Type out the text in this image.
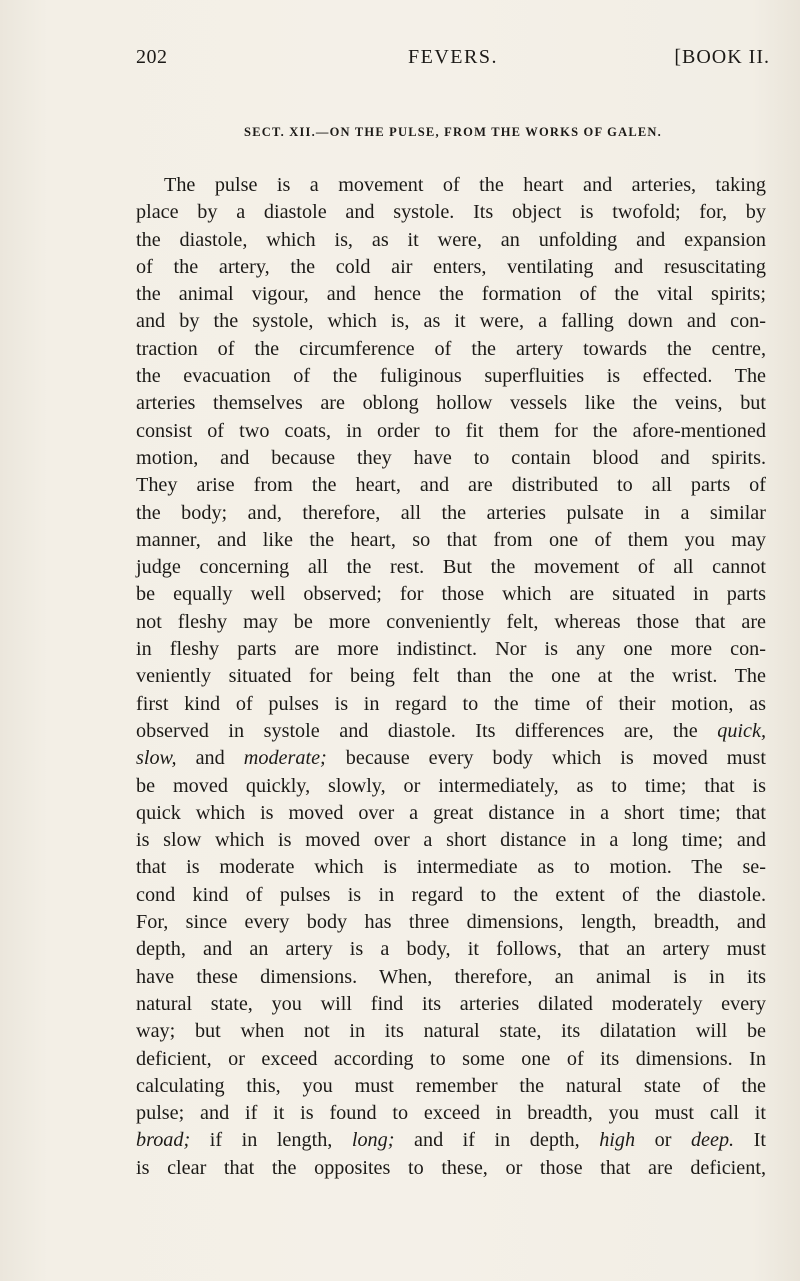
202	FEVERS.	[BOOK II.
SECT. XII.—ON THE PULSE, FROM THE WORKS OF GALEN.
The pulse is a movement of the heart and arteries, taking
place by a diastole and systole. Its object is twofold; for, by
the diastole, which is, as it were, an unfolding and expansion
of the artery, the cold air enters, ventilating and resuscitating
the animal vigour, and hence the formation of the vital spirits;
and by the systole, which is, as it were, a falling down and con-
traction of the circumference of the artery towards the centre,
the evacuation of the fuliginous superfluities is effected. The
arteries themselves are oblong hollow vessels like the veins, but
consist of two coats, in order to fit them for the afore-mentioned
motion, and because they have to contain blood and spirits.
They arise from the heart, and are distributed to all parts of
the body; and, therefore, all the arteries pulsate in a similar
manner, and like the heart, so that from one of them you may
judge concerning all the rest. But the movement of all cannot
be equally well observed; for those which are situated in parts
not fleshy may be more conveniently felt, whereas those that are
in fleshy parts are more indistinct. Nor is any one more con-
veniently situated for being felt than the one at the wrist. The
first kind of pulses is in regard to the time of their motion, as
observed in systole and diastole. Its differences are, the quick,
slow, and moderate; because every body which is moved must
be moved quickly, slowly, or intermediately, as to time; that is
quick which is moved over a great distance in a short time; that
is slow which is moved over a short distance in a long time; and
that is moderate which is intermediate as to motion. The se-
cond kind of pulses is in regard to the extent of the diastole.
For, since every body has three dimensions, length, breadth, and
depth, and an artery is a body, it follows, that an artery must
have these dimensions. When, therefore, an animal is in its
natural state, you will find its arteries dilated moderately every
way; but when not in its natural state, its dilatation will be
deficient, or exceed according to some one of its dimensions. In
calculating this, you must remember the natural state of the
pulse; and if it is found to exceed in breadth, you must call it
broad; if in length, long; and if in depth, high or deep. It
is clear that the opposites to these, or those that are deficient,
